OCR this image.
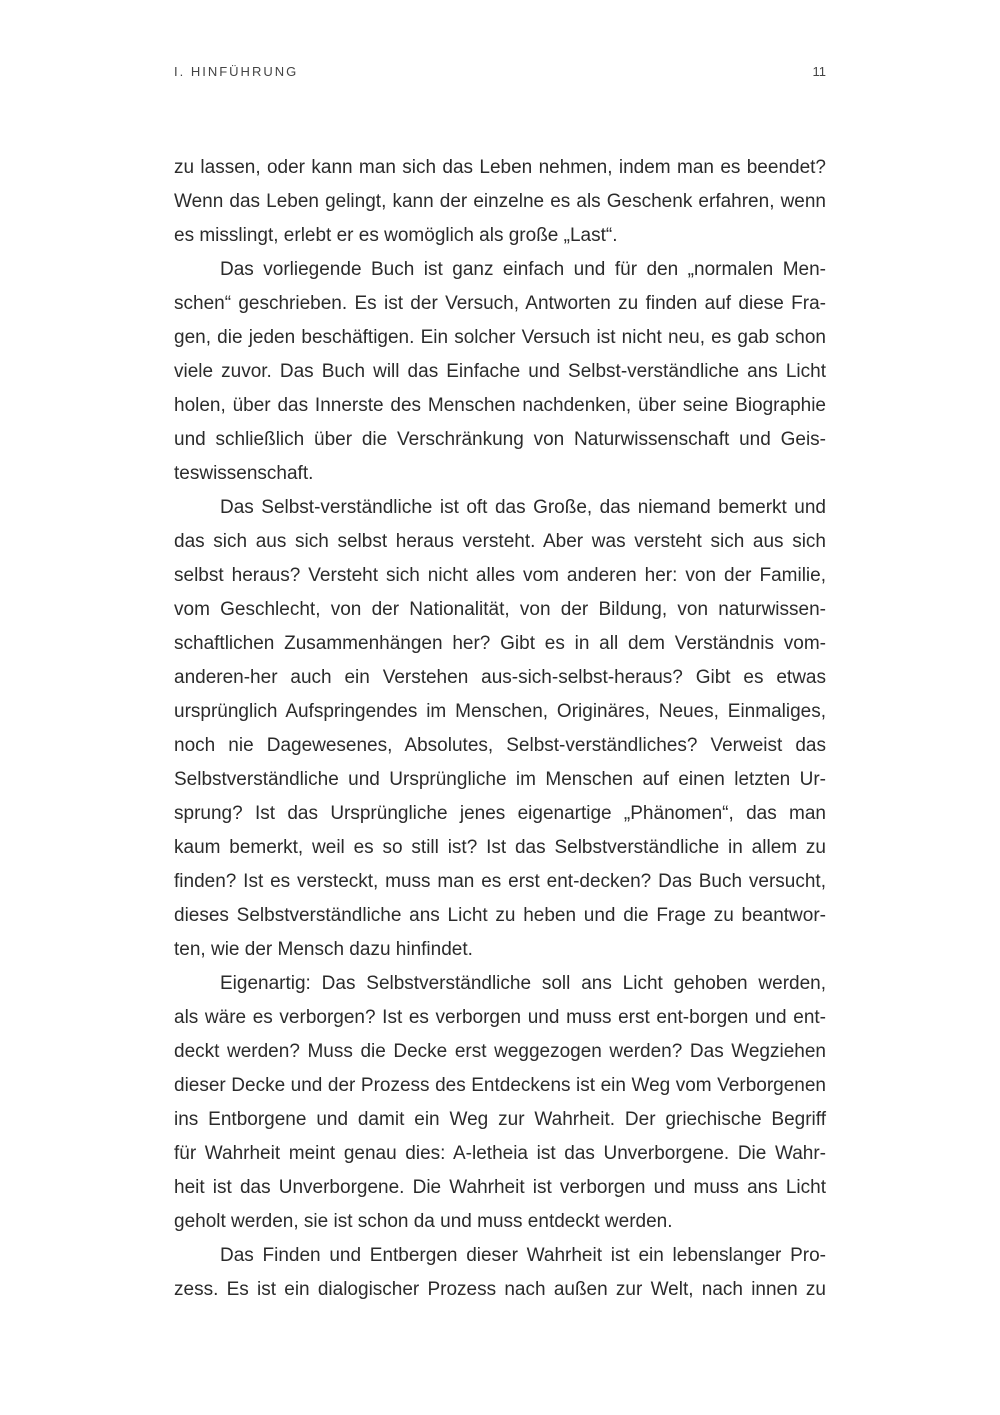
I. HINFÜHRUNG	11
zu lassen, oder kann man sich das Leben nehmen, indem man es beendet?
Wenn das Leben gelingt, kann der einzelne es als Geschenk erfahren, wenn
es misslingt, erlebt er es womöglich als große „Last“.
Das vorliegende Buch ist ganz einfach und für den „normalen Men-
schen“ geschrieben. Es ist der Versuch, Antworten zu finden auf diese Fra-
gen, die jeden beschäftigen. Ein solcher Versuch ist nicht neu, es gab schon
viele zuvor. Das Buch will das Einfache und Selbst-verständliche ans Licht
holen, über das Innerste des Menschen nachdenken, über seine Biographie
und schließlich über die Verschränkung von Naturwissenschaft und Geis-
teswissenschaft.
Das Selbst-verständliche ist oft das Große, das niemand bemerkt und
das sich aus sich selbst heraus versteht. Aber was versteht sich aus sich
selbst heraus? Versteht sich nicht alles vom anderen her: von der Familie,
vom Geschlecht, von der Nationalität, von der Bildung, von naturwissen-
schaftlichen Zusammenhängen her? Gibt es in all dem Verständnis vom-
anderen-her auch ein Verstehen aus-sich-selbst-heraus? Gibt es etwas
ursprünglich Aufspringendes im Menschen, Originäres, Neues, Einmaliges,
noch nie Dagewesenes, Absolutes, Selbst-verständliches? Verweist das
Selbstverständliche und Ursprüngliche im Menschen auf einen letzten Ur-
sprung? Ist das Ursprüngliche jenes eigenartige „Phänomen“, das man
kaum bemerkt, weil es so still ist? Ist das Selbstverständliche in allem zu
finden? Ist es versteckt, muss man es erst ent-decken? Das Buch versucht,
dieses Selbstverständliche ans Licht zu heben und die Frage zu beantwor-
ten, wie der Mensch dazu hinfindet.
Eigenartig: Das Selbstverständliche soll ans Licht gehoben werden,
als wäre es verborgen? Ist es verborgen und muss erst ent-borgen und ent-
deckt werden? Muss die Decke erst weggezogen werden? Das Wegziehen
dieser Decke und der Prozess des Entdeckens ist ein Weg vom Verborgenen
ins Entborgene und damit ein Weg zur Wahrheit. Der griechische Begriff
für Wahrheit meint genau dies: A-letheia ist das Unverborgene. Die Wahr-
heit ist das Unverborgene. Die Wahrheit ist verborgen und muss ans Licht
geholt werden, sie ist schon da und muss entdeckt werden.
Das Finden und Entbergen dieser Wahrheit ist ein lebenslanger Pro-
zess. Es ist ein dialogischer Prozess nach außen zur Welt, nach innen zu
